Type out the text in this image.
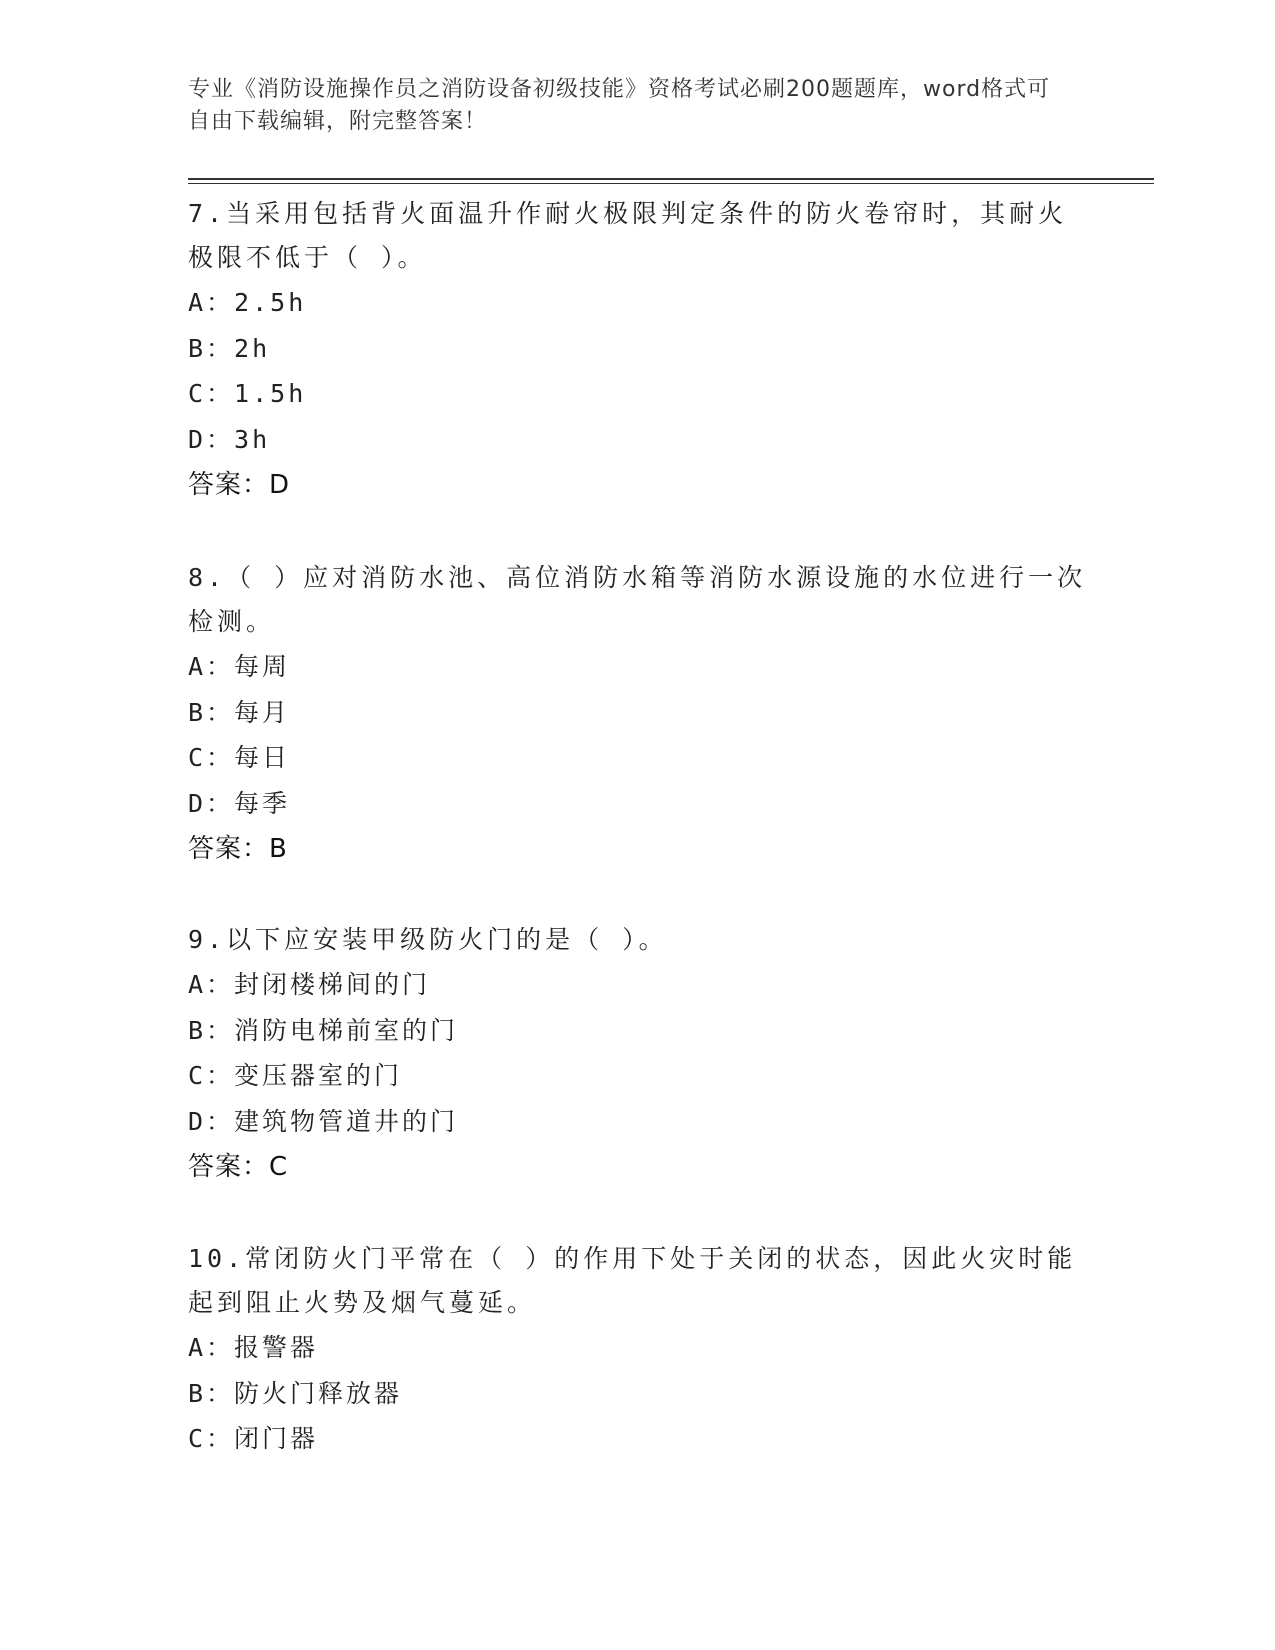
专业《消防设施操作员之消防设备初级技能》资格考试必刷200题题库，word格式可自由下载编辑，附完整答案！

7.当采用包括背火面温升作耐火极限判定条件的防火卷帘时，其耐火极限不低于（ ）。

A：2.5h
B：2h
C：1.5h
D：3h
答案：D

8.（ ）应对消防水池、高位消防水箱等消防水源设施的水位进行一次检测。

A：每周
B：每月
C：每日
D：每季
答案：B

9.以下应安装甲级防火门的是（ ）。

A：封闭楼梯间的门
B：消防电梯前室的门
C：变压器室的门
D：建筑物管道井的门
答案：C

10.常闭防火门平常在（ ）的作用下处于关闭的状态，因此火灾时能起到阻止火势及烟气蔓延。

A：报警器
B：防火门释放器
C：闭门器
